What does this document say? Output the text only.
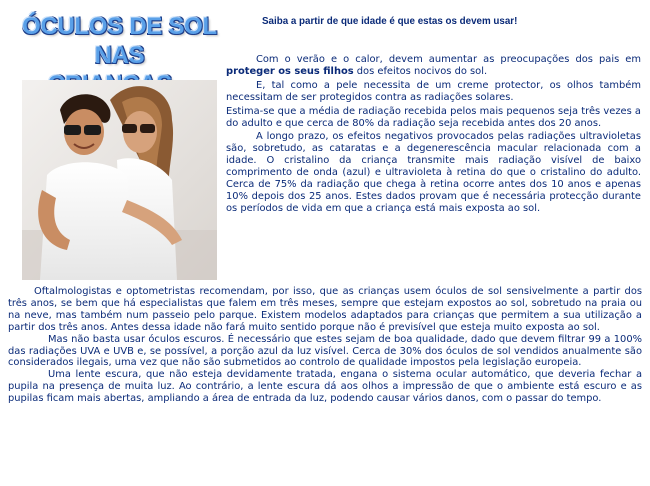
ÓCULOS DE SOL
NAS
Saiba a partir de que idade é que estas os devem usar!

Com o verão e o calor, devem aumentar as preocupações dos pais em proteger os seus filhos dos efeitos nocivos do sol.

E, tal como a pele necessita de um creme protector, os olhos também necessitam de ser protegidos contra as radiações solares.

Estima-se que a média de radiação recebida pelos mais pequenos seja três vezes a do adulto e que cerca de 80% da radiação seja recebida antes dos 20 anos.

A longo prazo, os efeitos negativos provocados pelas radiações ultravioletas são, sobretudo, as cataratas e a degenerescência macular relacionada com a idade. O cristalino da criança transmite mais radiação visível de baixo comprimento de onda (azul) e ultravioleta à retina do que o cristalino do adulto. Cerca de 75% da radiação que chega à retina ocorre antes dos 10 anos e apenas 10% depois dos 25 anos. Estes dados provam que é necessária protecção durante os períodos de vida em que a criança está mais exposta ao sol.

Oftalmologistas e optometristas recomendam, por isso, que as crianças usem óculos de sol sensivelmente a partir dos três anos, se bem que há especialistas que falem em três meses, sempre que estejam expostos ao sol, sobretudo na praia ou na neve, mas também num passeio pelo parque. Existem modelos adaptados para crianças que permitem a sua utilização a partir dos três anos. Antes dessa idade não fará muito sentido porque não é previsível que esteja muito exposta ao sol.

Mas não basta usar óculos escuros. É necessário que estes sejam de boa qualidade, dado que devem filtrar 99 a 100% das radiações UVA e UVB e, se possível, a porção azul da luz visível. Cerca de 30% dos óculos de sol vendidos anualmente são considerados ilegais, uma vez que não são submetidos ao controlo de qualidade impostos pela legislação europeia.

Uma lente escura, que não esteja devidamente tratada, engana o sistema ocular automático, que deveria fechar a pupila na presença de muita luz. Ao contrário, a lente escura dá aos olhos a impressão de que o ambiente está escuro e as pupilas ficam mais abertas, ampliando a área de entrada da luz, podendo causar vários danos, com o passar do tempo.
